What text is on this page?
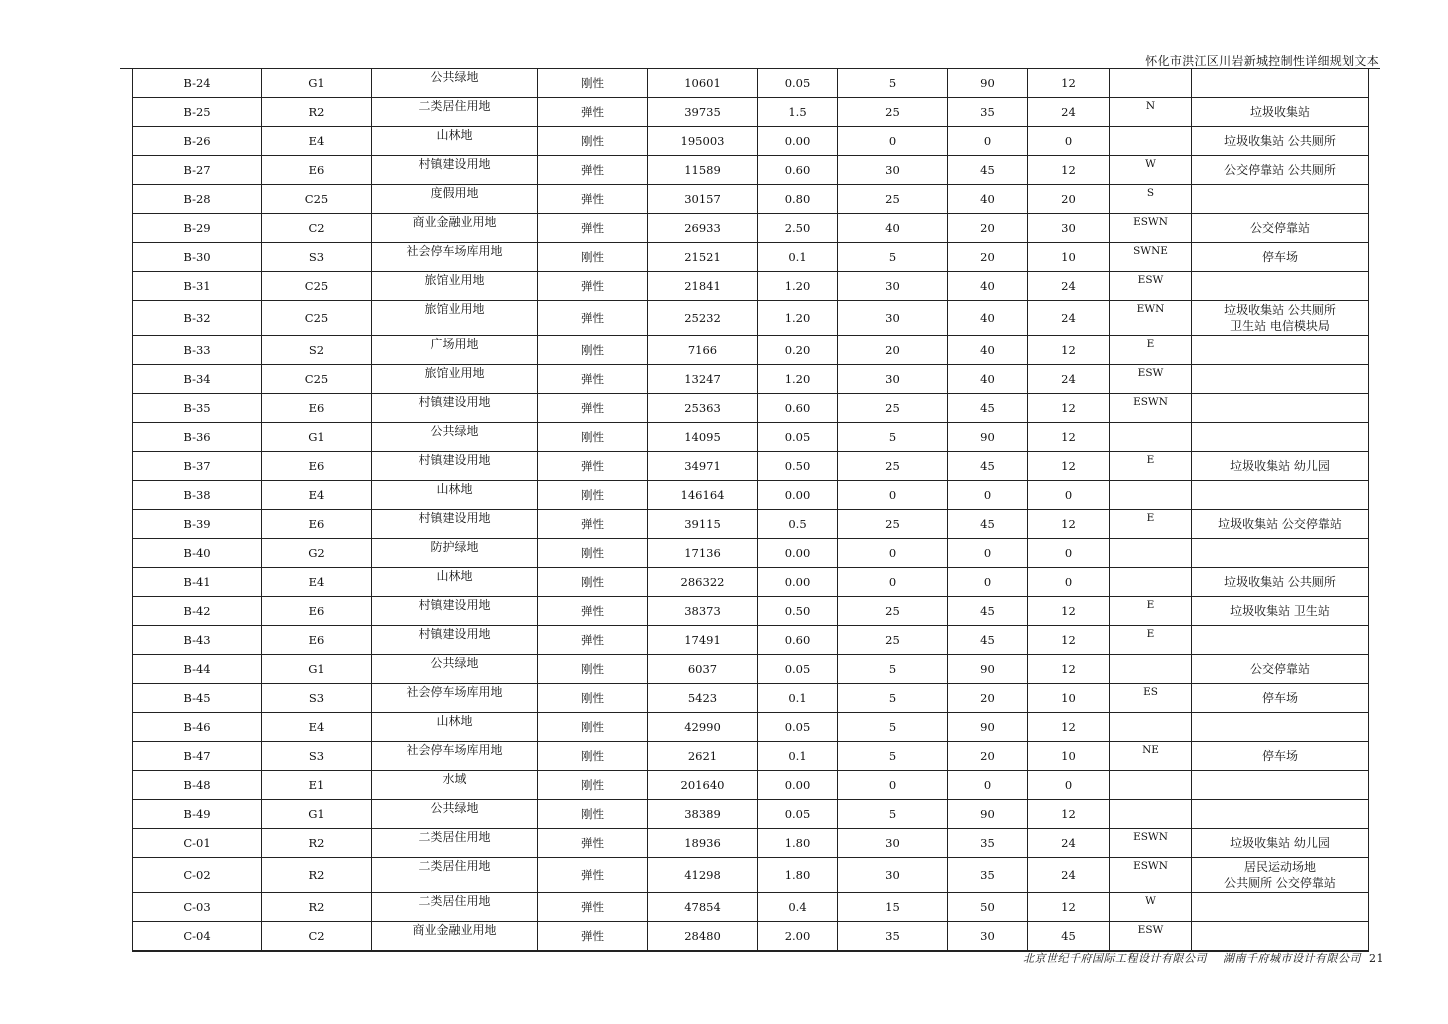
怀化市洪江区川岩新城控制性详细规划文本
B-24	G1	公共绿地	刚性	10601	0.05	5	90	12		
B-25	R2	二类居住用地	弹性	39735	1.5	25	35	24	N	垃圾收集站

B-26	E4	山林地	刚性	195003	0.00	0	0	0		垃圾收集站 公共厕所

B-27	E6	村镇建设用地	弹性	11589	0.60	30	45	12	W	公交停靠站 公共厕所

B-28	C25	度假用地	弹性	30157	0.80	25	40	20	S	
B-29	C2	商业金融业用地	弹性	26933	2.50	40	20	30	ESWN	公交停靠站

B-30	S3	社会停车场库用地	刚性	21521	0.1	5	20	10	SWNE	停车场

B-31	C25	旅馆业用地	弹性	21841	1.20	30	40	24	ESW	
B-32	C25	旅馆业用地	弹性	25232	1.20	30	40	24	EWN	垃圾收集站 公共厕所
卫生站 电信模块局

B-33	S2	广场用地	刚性	7166	0.20	20	40	12	E	
B-34	C25	旅馆业用地	弹性	13247	1.20	30	40	24	ESW	
B-35	E6	村镇建设用地	弹性	25363	0.60	25	45	12	ESWN	
B-36	G1	公共绿地	刚性	14095	0.05	5	90	12		
B-37	E6	村镇建设用地	弹性	34971	0.50	25	45	12	E	垃圾收集站 幼儿园

B-38	E4	山林地	刚性	146164	0.00	0	0	0		
B-39	E6	村镇建设用地	弹性	39115	0.5	25	45	12	E	垃圾收集站 公交停靠站

B-40	G2	防护绿地	刚性	17136	0.00	0	0	0		
B-41	E4	山林地	刚性	286322	0.00	0	0	0		垃圾收集站 公共厕所

B-42	E6	村镇建设用地	弹性	38373	0.50	25	45	12	E	垃圾收集站 卫生站

B-43	E6	村镇建设用地	弹性	17491	0.60	25	45	12	E	
B-44	G1	公共绿地	刚性	6037	0.05	5	90	12		公交停靠站

B-45	S3	社会停车场库用地	刚性	5423	0.1	5	20	10	ES	停车场

B-46	E4	山林地	刚性	42990	0.05	5	90	12		
B-47	S3	社会停车场库用地	刚性	2621	0.1	5	20	10	NE	停车场

B-48	E1	水域	刚性	201640	0.00	0	0	0		
B-49	G1	公共绿地	刚性	38389	0.05	5	90	12		
C-01	R2	二类居住用地	弹性	18936	1.80	30	35	24	ESWN	垃圾收集站 幼儿园

C-02	R2	二类居住用地	弹性	41298	1.80	30	35	24	ESWN	居民运动场地
公共厕所 公交停靠站

C-03	R2	二类居住用地	弹性	47854	0.4	15	50	12	W	
C-04	C2	商业金融业用地	弹性	28480	2.00	35	30	45	ESW	
北京世纪千府国际工程设计有限公司 湖南千府城市设计有限公司 21
